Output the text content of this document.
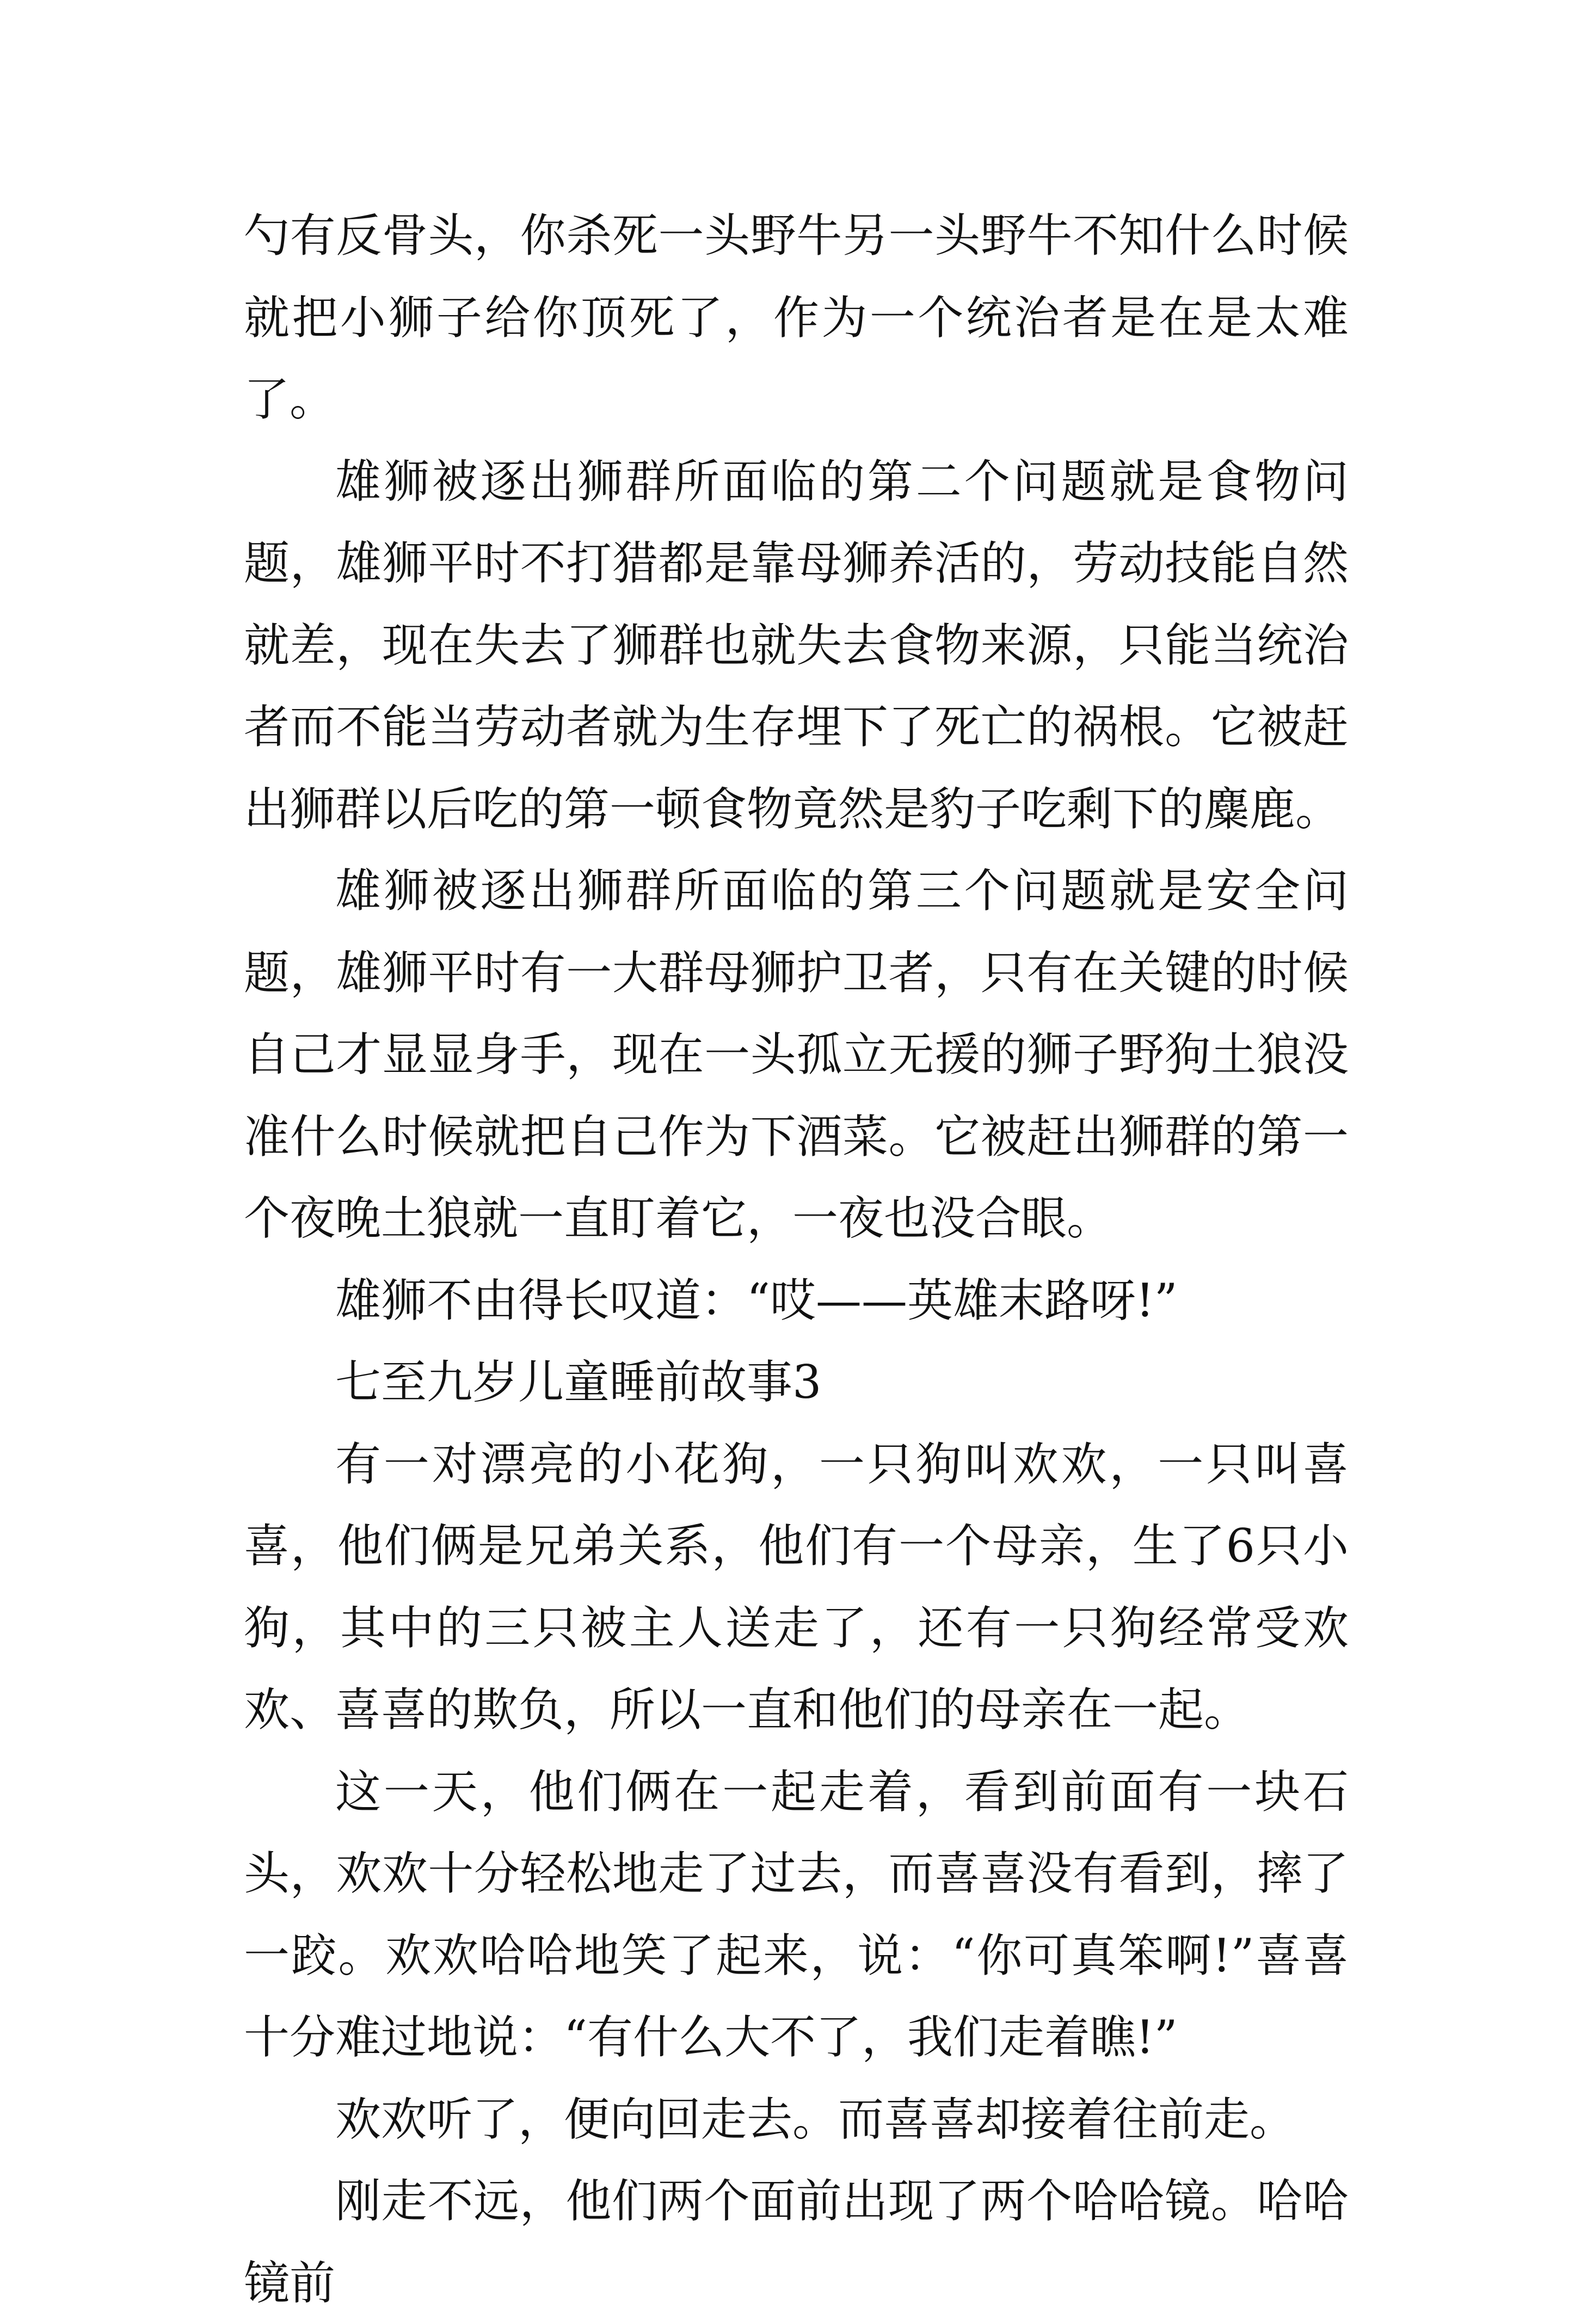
勺有反骨头，你杀死一头野牛另一头野牛不知什么时候就把小狮子给你顶死了，作为一个统治者是在是太难了。

雄狮被逐出狮群所面临的第二个问题就是食物问题，雄狮平时不打猎都是靠母狮养活的，劳动技能自然就差，现在失去了狮群也就失去食物来源，只能当统治者而不能当劳动者就为生存埋下了死亡的祸根。它被赶出狮群以后吃的第一顿食物竟然是豹子吃剩下的麋鹿。

雄狮被逐出狮群所面临的第三个问题就是安全问题，雄狮平时有一大群母狮护卫者，只有在关键的时候自己才显显身手，现在一头孤立无援的狮子野狗土狼没准什么时候就把自己作为下酒菜。它被赶出狮群的第一个夜晚土狼就一直盯着它，一夜也没合眼。

雄狮不由得长叹道：“哎——英雄末路呀!”

七至九岁儿童睡前故事3

有一对漂亮的小花狗，一只狗叫欢欢，一只叫喜喜，他们俩是兄弟关系，他们有一个母亲，生了6只小狗，其中的三只被主人送走了，还有一只狗经常受欢欢、喜喜的欺负，所以一直和他们的母亲在一起。

这一天，他们俩在一起走着，看到前面有一块石头，欢欢十分轻松地走了过去，而喜喜没有看到，摔了一跤。欢欢哈哈地笑了起来，说：“你可真笨啊!”喜喜十分难过地说：“有什么大不了，我们走着瞧!”

欢欢听了，便向回走去。而喜喜却接着往前走。

刚走不远，他们两个面前出现了两个哈哈镜。哈哈镜前
